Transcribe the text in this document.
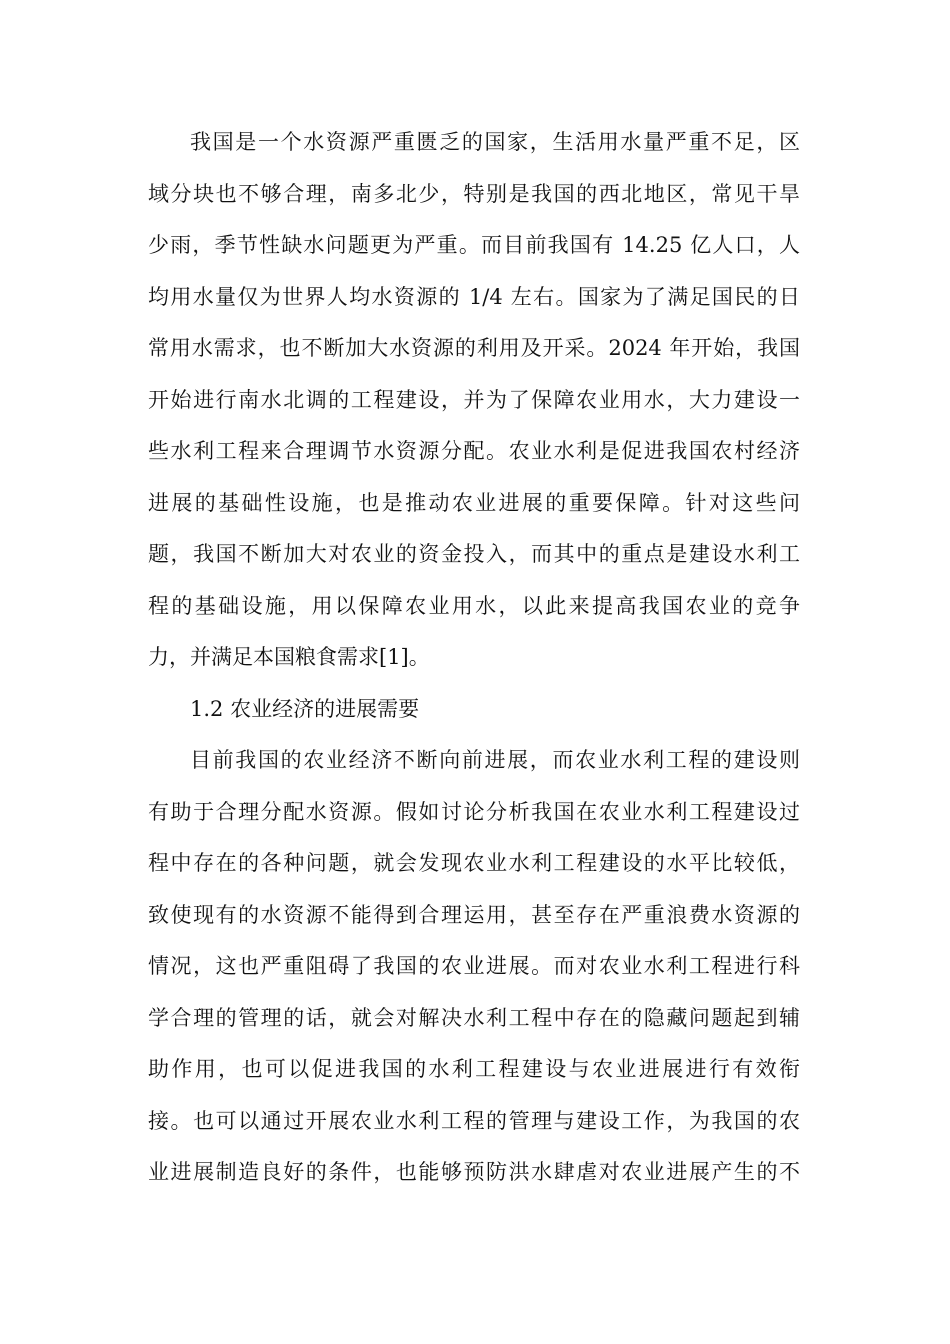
我国是一个水资源严重匮乏的国家，生活用水量严重不足，区
域分块也不够合理，南多北少，特别是我国的西北地区，常见干旱
少雨，季节性缺水问题更为严重。而目前我国有 14.25 亿人口，人
均用水量仅为世界人均水资源的 1/4 左右。国家为了满足国民的日
常用水需求，也不断加大水资源的利用及开采。2024 年开始，我国
开始进行南水北调的工程建设，并为了保障农业用水，大力建设一
些水利工程来合理调节水资源分配。农业水利是促进我国农村经济
进展的基础性设施，也是推动农业进展的重要保障。针对这些问
题，我国不断加大对农业的资金投入，而其中的重点是建设水利工
程的基础设施，用以保障农业用水，以此来提高我国农业的竞争
力，并满足本国粮食需求[1]。
1.2 农业经济的进展需要
目前我国的农业经济不断向前进展，而农业水利工程的建设则
有助于合理分配水资源。假如讨论分析我国在农业水利工程建设过
程中存在的各种问题，就会发现农业水利工程建设的水平比较低，
致使现有的水资源不能得到合理运用，甚至存在严重浪费水资源的
情况，这也严重阻碍了我国的农业进展。而对农业水利工程进行科
学合理的管理的话，就会对解决水利工程中存在的隐藏问题起到辅
助作用，也可以促进我国的水利工程建设与农业进展进行有效衔
接。也可以通过开展农业水利工程的管理与建设工作，为我国的农
业进展制造良好的条件，也能够预防洪水肆虐对农业进展产生的不
